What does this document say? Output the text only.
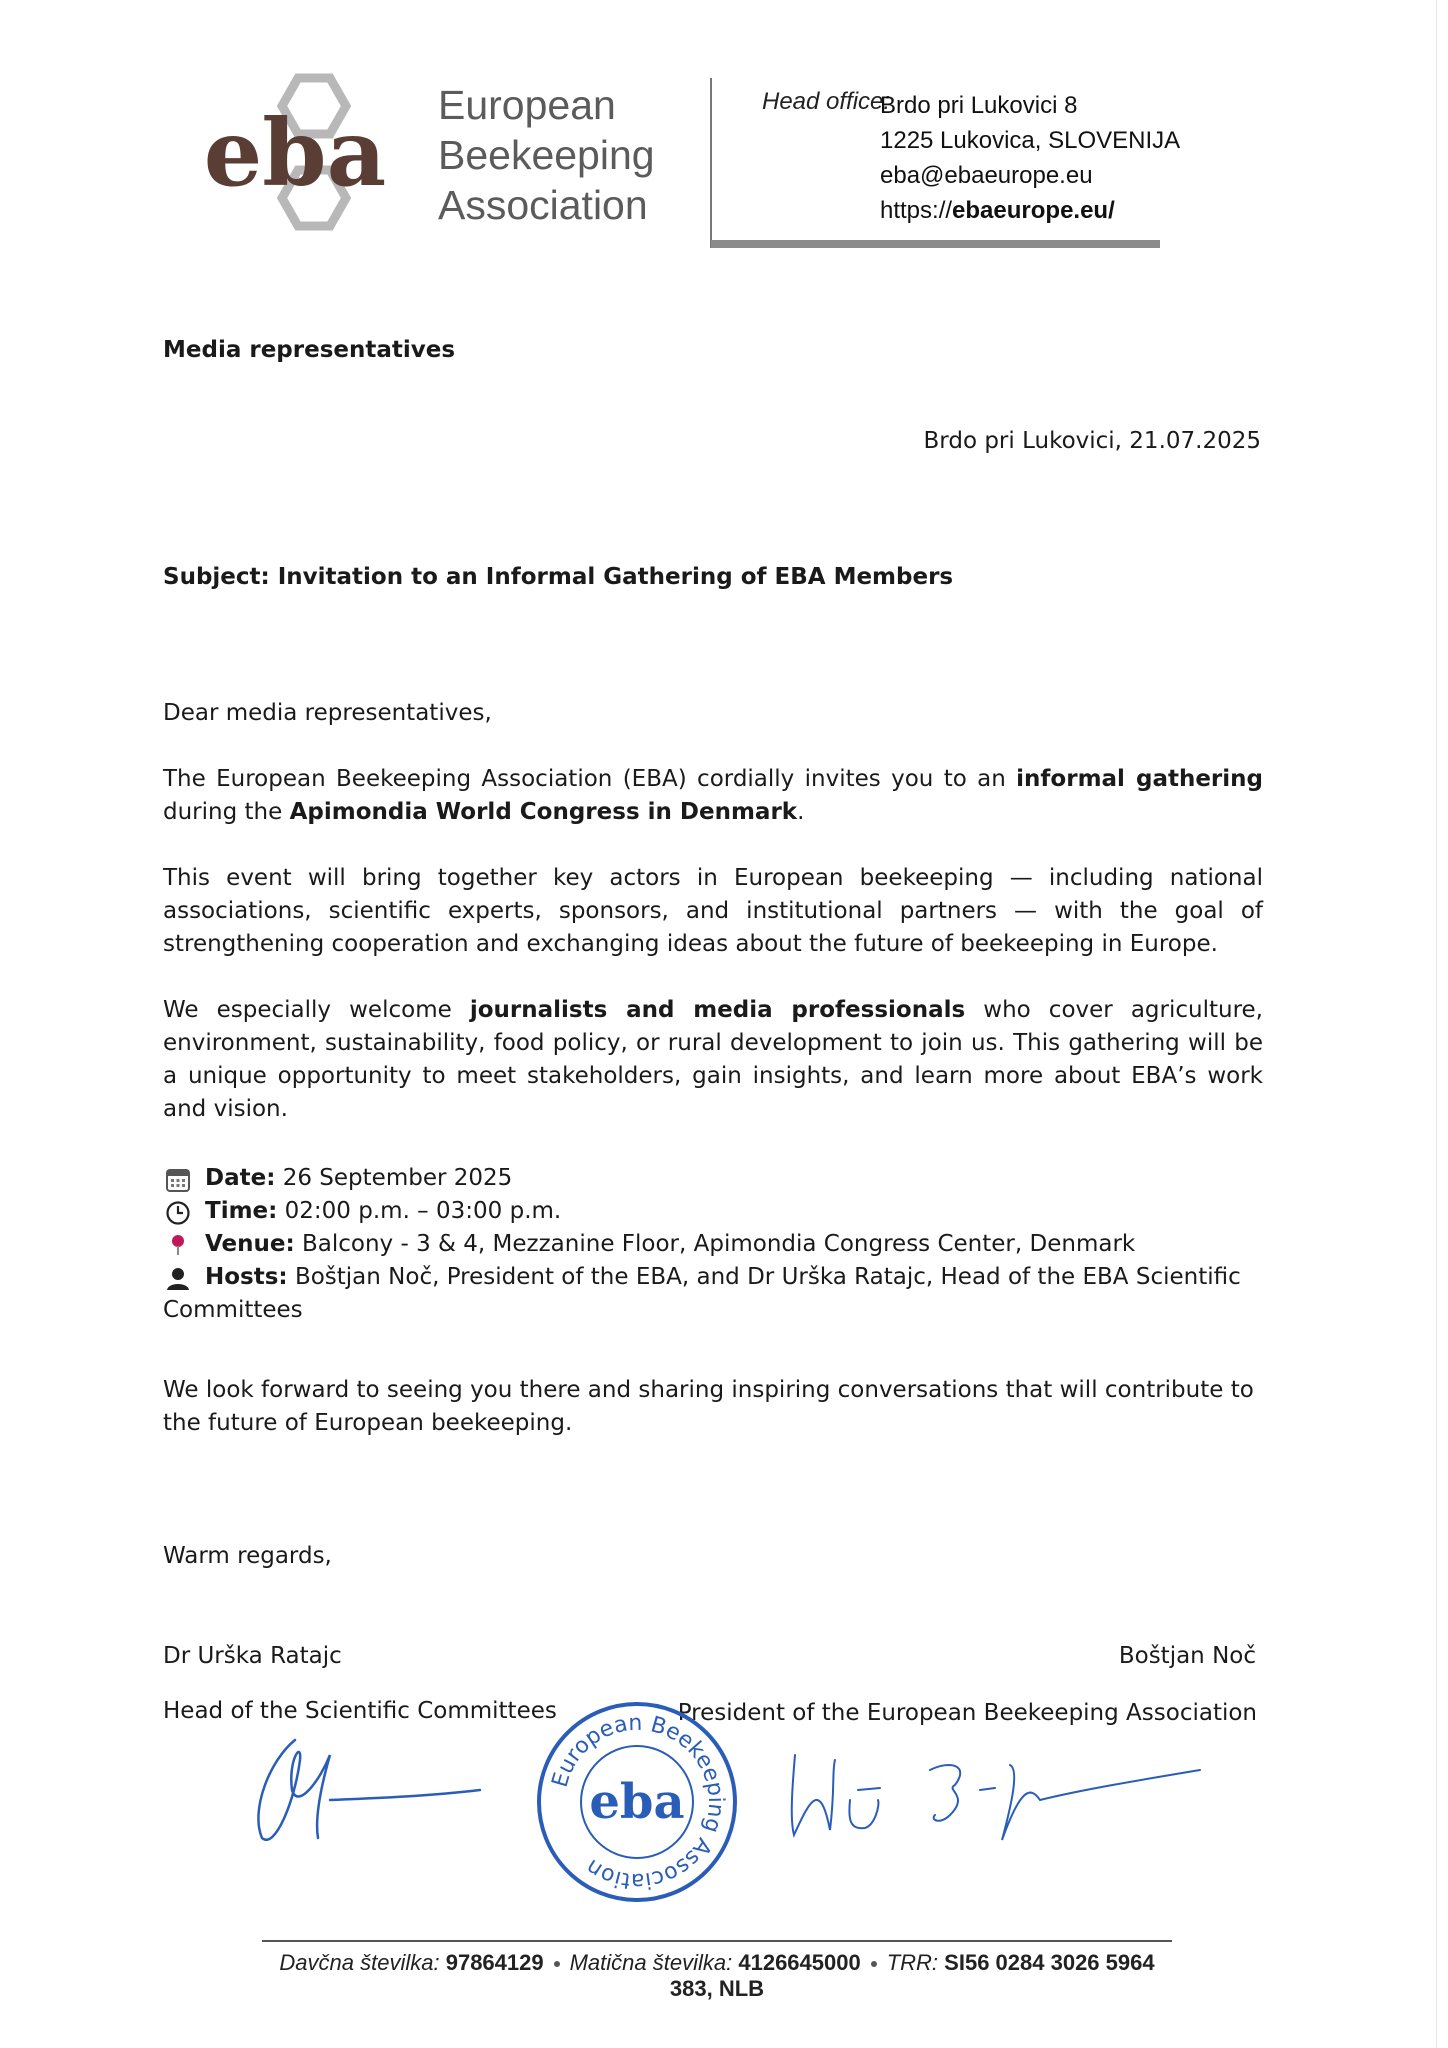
eba European
Beekeeping
Association
Head office:
Brdo pri Lukovici 8
1225 Lukovica, SLOVENIJA
eba@ebaeurope.eu
https://ebaeurope.eu/
Media representatives
Brdo pri Lukovici, 21.07.2025
Subject: Invitation to an Informal Gathering of EBA Members
Dear media representatives,
The European Beekeeping Association (EBA) cordially invites you to an informal gathering during the Apimondia World Congress in Denmark.
This event will bring together key actors in European beekeeping — including national associations, scientific experts, sponsors, and institutional partners — with the goal of strengthening cooperation and exchanging ideas about the future of beekeeping in Europe.
We especially welcome journalists and media professionals who cover agriculture, environment, sustainability, food policy, or rural development to join us. This gathering will be a unique opportunity to meet stakeholders, gain insights, and learn more about EBA’s work and vision.
Date: 26 September 2025
Time: 02:00 p.m. – 03:00 p.m.
Venue: Balcony - 3 & 4, Mezzanine Floor, Apimondia Congress Center, Denmark
Hosts: Boštjan Noč, President of the EBA, and Dr Urška Ratajc, Head of the EBA Scientific Committees
We look forward to seeing you there and sharing inspiring conversations that will contribute to the future of European beekeeping.
Warm regards,
Dr Urška Ratajc	Boštjan Noč
Head of the Scientific Committees	President of the European Beekeeping Association
European Beekeeping Association
eba
Davčna številka: 97864129 Matična številka: 4126645000 TRR: SI56 0284 3026 5964 383, NLB
